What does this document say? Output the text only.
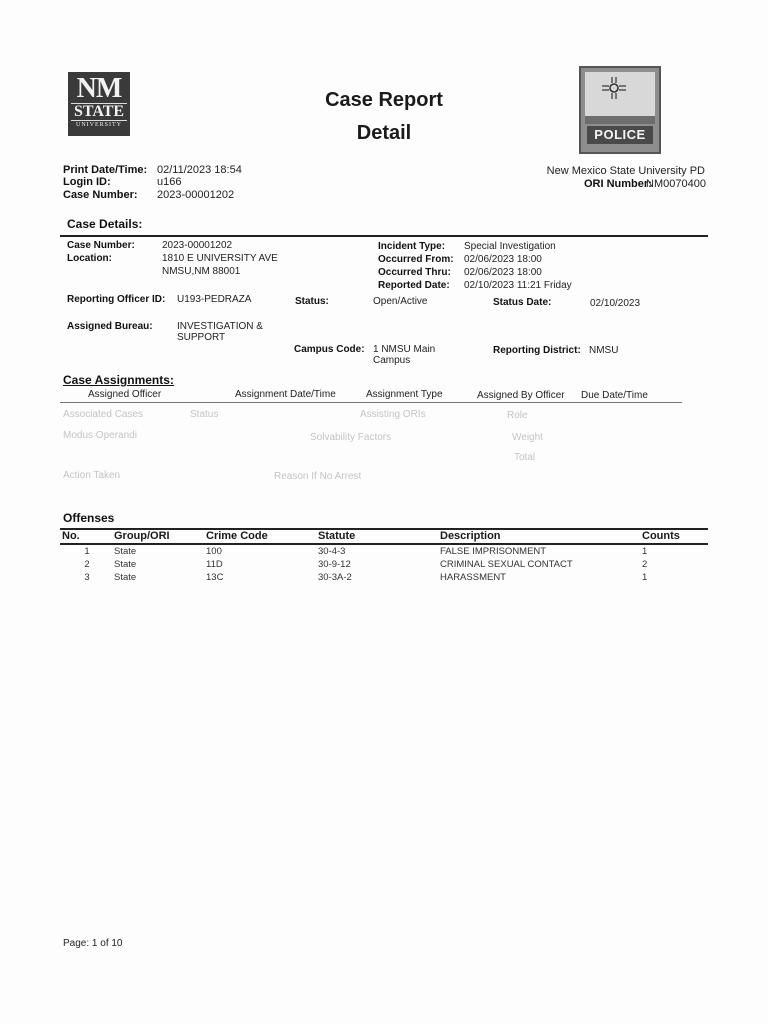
NM
STATE
UNIVERSITY
Case Report
Detail	POLICE
Print Date/Time: 02/11/2023 18:54
Login ID:	u166
Case Number: 2023-00001202
New Mexico State University PD
ORI Number:
NM0070400
Case Details:
Case Number:	2023-00001202
Location:	1810 E UNIVERSITY AVE
NMSU,NM 88001
Incident Type: Special Investigation
Occurred From: 02/06/2023 18:00
Occurred Thru: 02/06/2023 18:00
Reported Date: 02/10/2023 11:21 Friday
Reporting Officer ID: U193-PEDRAZA	Status:	Open/Active	Status Date:	02/10/2023
Assigned Bureau: INVESTIGATION &
SUPPORT
Campus Code: 1 NMSU Main
Campus
Reporting District: NMSU
Case Assignments:
Assigned Officer	Assignment Date/Time	Assignment Type	Assigned By Officer Due Date/Time
Associated Cases	Status	Assisting ORIs	Role
Modus Operandi	Solvability Factors	Weight
Total
Action Taken	Reason If No Arrest
Offenses
No.	Group/ORI	Crime Code	Statute	Description	Counts
1	State	100	30-4-3	FALSE IMPRISONMENT	1
2	State	11D	30-9-12	CRIMINAL SEXUAL CONTACT	2
3	State	13C	30-3A-2	HARASSMENT	1
Page: 1 of 10
